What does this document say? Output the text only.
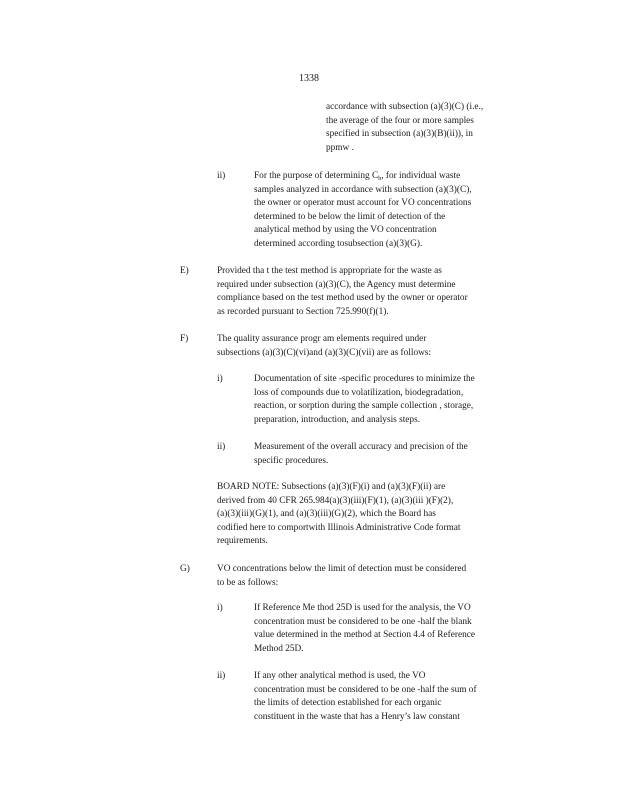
1338
accordance with subsection (a)(3)(C) (i.e.,
the average of the four or more samples
specified in subsection (a)(3)(B)(ii)), in
ppmw .
ii)	For the purpose of determining $C_b$, for individual waste
samples analyzed in accordance with subsection (a)(3)(C),
the owner or operator must account for VO concentrations
determined to be below the limit of detection of the
analytical method by using the VO concentration
determined according tosubsection (a)(3)(G).
E)	Provided tha t the test method is appropriate for the waste as
required under subsection (a)(3)(C), the Agency must determine
compliance based on the test method used by the owner or operator
as recorded pursuant to Section 725.990(f)(1).
F)	The quality assurance progr am elements required under
subsections (a)(3)(C)(vi)and (a)(3)(C)(vii) are as follows:
i)	Documentation of site -specific procedures to minimize the
loss of compounds due to volatilization, biodegradation,
reaction, or sorption during the sample collection , storage,
preparation, introduction, and analysis steps.
ii)	Measurement of the overall accuracy and precision of the
specific procedures.
BOARD NOTE: Subsections (a)(3)(F)(i) and (a)(3)(F)(ii) are
derived from 40 CFR 265.984(a)(3)(iii)(F)(1), (a)(3)(iii )(F)(2),
(a)(3)(iii)(G)(1), and (a)(3)(iii)(G)(2), which the Board has
codified here to comportwith Illinois Administrative Code format
requirements.
G)	VO concentrations below the limit of detection must be considered
to be as follows:
i)	If Reference Me thod 25D is used for the analysis, the VO
concentration must be considered to be one -half the blank
value determined in the method at Section 4.4 of Reference
Method 25D.
ii)	If any other analytical method is used, the VO
concentration must be considered to be one -half the sum of
the limits of detection established for each organic
constituent in the waste that has a Henry’s law constant
